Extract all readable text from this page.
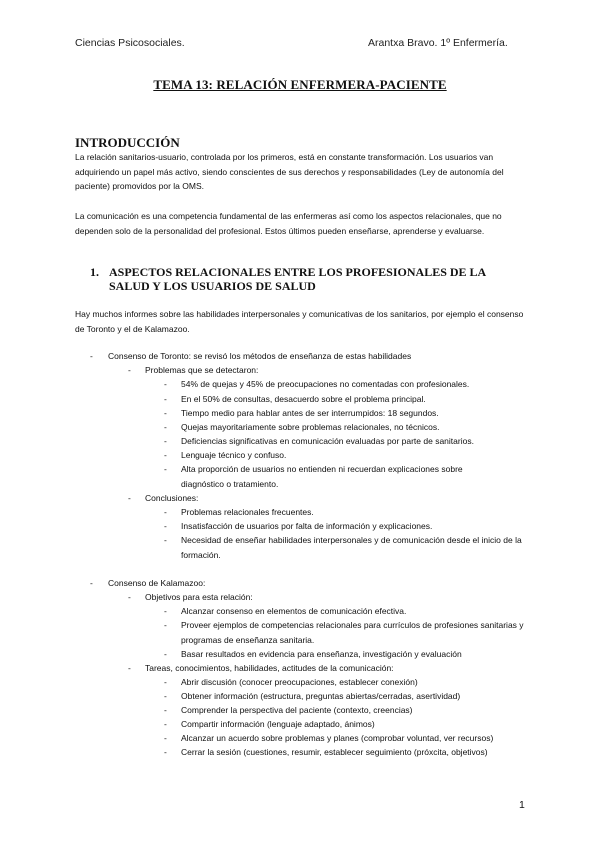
Ciencias Psicosociales.	Arantxa Bravo. 1º Enfermería.
TEMA 13: RELACIÓN ENFERMERA-PACIENTE
INTRODUCCIÓN
La relación sanitarios-usuario, controlada por los primeros, está en constante transformación. Los usuarios van adquiriendo un papel más activo, siendo conscientes de sus derechos y responsabilidades (Ley de autonomía del paciente) promovidos por la OMS.
La comunicación es una competencia fundamental de las enfermeras así como los aspectos relacionales, que no dependen solo de la personalidad del profesional. Estos últimos pueden enseñarse, aprenderse y evaluarse.
1. ASPECTOS RELACIONALES ENTRE LOS PROFESIONALES DE LA SALUD Y LOS USUARIOS DE SALUD
Hay muchos informes sobre las habilidades interpersonales y comunicativas de los sanitarios, por ejemplo el consenso de Toronto y el de Kalamazoo.
- Consenso de Toronto: se revisó los métodos de enseñanza de estas habilidades
- Problemas que se detectaron:
- 54% de quejas y 45% de preocupaciones no comentadas con profesionales.
- En el 50% de consultas, desacuerdo sobre el problema principal.
- Tiempo medio para hablar antes de ser interrumpidos: 18 segundos.
- Quejas mayoritariamente sobre problemas relacionales, no técnicos.
- Deficiencias significativas en comunicación evaluadas por parte de sanitarios.
- Lenguaje técnico y confuso.
- Alta proporción de usuarios no entienden ni recuerdan explicaciones sobre diagnóstico o tratamiento.
- Conclusiones:
- Problemas relacionales frecuentes.
- Insatisfacción de usuarios por falta de información y explicaciones.
- Necesidad de enseñar habilidades interpersonales y de comunicación desde el inicio de la formación.
- Consenso de Kalamazoo:
- Objetivos para esta relación:
- Alcanzar consenso en elementos de comunicación efectiva.
- Proveer ejemplos de competencias relacionales para currículos de profesiones sanitarias y programas de enseñanza sanitaria.
- Basar resultados en evidencia para enseñanza, investigación y evaluación
- Tareas, conocimientos, habilidades, actitudes de la comunicación:
- Abrir discusión (conocer preocupaciones, establecer conexión)
- Obtener información (estructura, preguntas abiertas/cerradas, asertividad)
- Comprender la perspectiva del paciente (contexto, creencias)
- Compartir información (lenguaje adaptado, ánimos)
- Alcanzar un acuerdo sobre problemas y planes (comprobar voluntad, ver recursos)
- Cerrar la sesión (cuestiones, resumir, establecer seguimiento (próxcita, objetivos)
1
